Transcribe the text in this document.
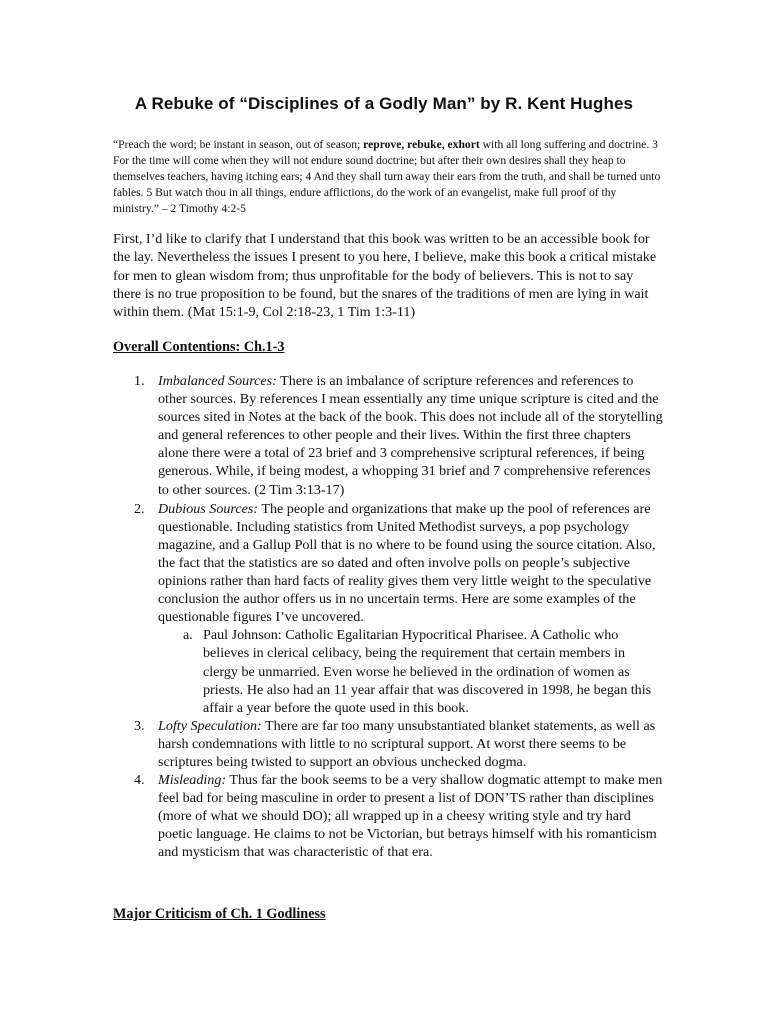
A Rebuke of “Disciplines of a Godly Man” by R. Kent Hughes

“Preach the word; be instant in season, out of season; reprove, rebuke, exhort with all long suffering and doctrine. 3 For the time will come when they will not endure sound doctrine; but after their own desires shall they heap to themselves teachers, having itching ears; 4 And they shall turn away their ears from the truth, and shall be turned unto fables. 5 But watch thou in all things, endure afflictions, do the work of an evangelist, make full proof of thy ministry.” – 2 Timothy 4:2-5

First, I’d like to clarify that I understand that this book was written to be an accessible book for the lay. Nevertheless the issues I present to you here, I believe, make this book a critical mistake for men to glean wisdom from; thus unprofitable for the body of believers. This is not to say there is no true proposition to be found, but the snares of the traditions of men are lying in wait within them. (Mat 15:1-9, Col 2:18-23, 1 Tim 1:3-11)

Overall Contentions: Ch.1-3

1. Imbalanced Sources: There is an imbalance of scripture references and references to other sources. By references I mean essentially any time unique scripture is cited and the sources sited in Notes at the back of the book. This does not include all of the storytelling and general references to other people and their lives. Within the first three chapters alone there were a total of 23 brief and 3 comprehensive scriptural references, if being generous. While, if being modest, a whopping 31 brief and 7 comprehensive references to other sources. (2 Tim 3:13-17)
2. Dubious Sources: The people and organizations that make up the pool of references are questionable. Including statistics from United Methodist surveys, a pop psychology magazine, and a Gallup Poll that is no where to be found using the source citation. Also, the fact that the statistics are so dated and often involve polls on people’s subjective opinions rather than hard facts of reality gives them very little weight to the speculative conclusion the author offers us in no uncertain terms. Here are some examples of the questionable figures I’ve uncovered.
a. Paul Johnson: Catholic Egalitarian Hypocritical Pharisee. A Catholic who believes in clerical celibacy, being the requirement that certain members in clergy be unmarried. Even worse he believed in the ordination of women as priests. He also had an 11 year affair that was discovered in 1998, he began this affair a year before the quote used in this book.
3. Lofty Speculation: There are far too many unsubstantiated blanket statements, as well as harsh condemnations with little to no scriptural support. At worst there seems to be scriptures being twisted to support an obvious unchecked dogma.
4. Misleading: Thus far the book seems to be a very shallow dogmatic attempt to make men feel bad for being masculine in order to present a list of DON’TS rather than disciplines (more of what we should DO); all wrapped up in a cheesy writing style and try hard poetic language. He claims to not be Victorian, but betrays himself with his romanticism and mysticism that was characteristic of that era.

Major Criticism of Ch. 1 Godliness
